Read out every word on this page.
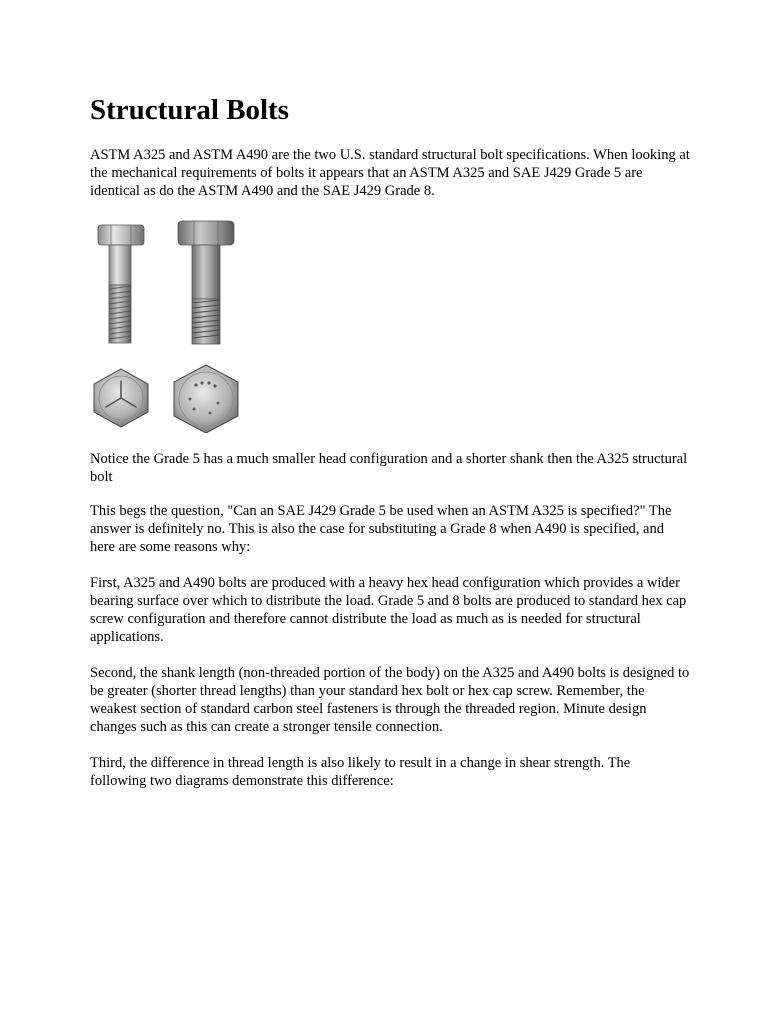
Structural Bolts

ASTM A325 and ASTM A490 are the two U.S. standard structural bolt specifications. When looking at the mechanical requirements of bolts it appears that an ASTM A325 and SAE J429 Grade 5 are identical as do the ASTM A490 and the SAE J429 Grade 8.

Notice the Grade 5 has a much smaller head configuration and a shorter shank then the A325 structural bolt

This begs the question, "Can an SAE J429 Grade 5 be used when an ASTM A325 is specified?" The answer is definitely no. This is also the case for substituting a Grade 8 when A490 is specified, and here are some reasons why:

First, A325 and A490 bolts are produced with a heavy hex head configuration which provides a wider bearing surface over which to distribute the load. Grade 5 and 8 bolts are produced to standard hex cap screw configuration and therefore cannot distribute the load as much as is needed for structural applications.

Second, the shank length (non-threaded portion of the body) on the A325 and A490 bolts is designed to be greater (shorter thread lengths) than your standard hex bolt or hex cap screw. Remember, the weakest section of standard carbon steel fasteners is through the threaded region. Minute design changes such as this can create a stronger tensile connection.

Third, the difference in thread length is also likely to result in a change in shear strength. The following two diagrams demonstrate this difference:
